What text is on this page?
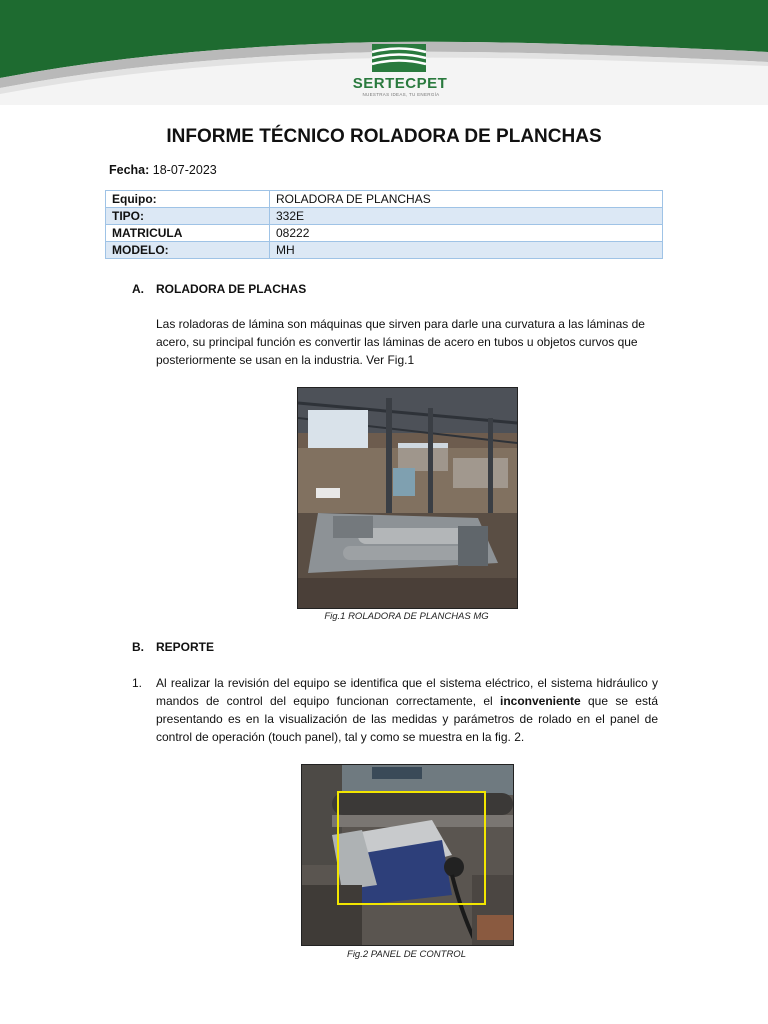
SERTECPET
NUESTRAS IDEAS, TU ENERGÍA
INFORME TÉCNICO ROLADORA DE PLANCHAS
Fecha: 18-07-2023
Equipo:	ROLADORA DE PLANCHAS
TIPO:	332E
MATRICULA	08222
MODELO:	MH
A. ROLADORA DE PLACHAS
Las roladoras de lámina son máquinas que sirven para darle una curvatura a las láminas de acero, su principal función es convertir las láminas de acero en tubos u objetos curvos que posteriormente se usan en la industria. Ver Fig.1
Fig.1 ROLADORA DE PLANCHAS MG
B. REPORTE
1. Al realizar la revisión del equipo se identifica que el sistema eléctrico, el sistema hidráulico y mandos de control del equipo funcionan correctamente, el inconveniente que se está presentando es en la visualización de las medidas y parámetros de rolado en el panel de control de operación (touch panel), tal y como se muestra en la fig. 2.
Fig.2 PANEL DE CONTROL
